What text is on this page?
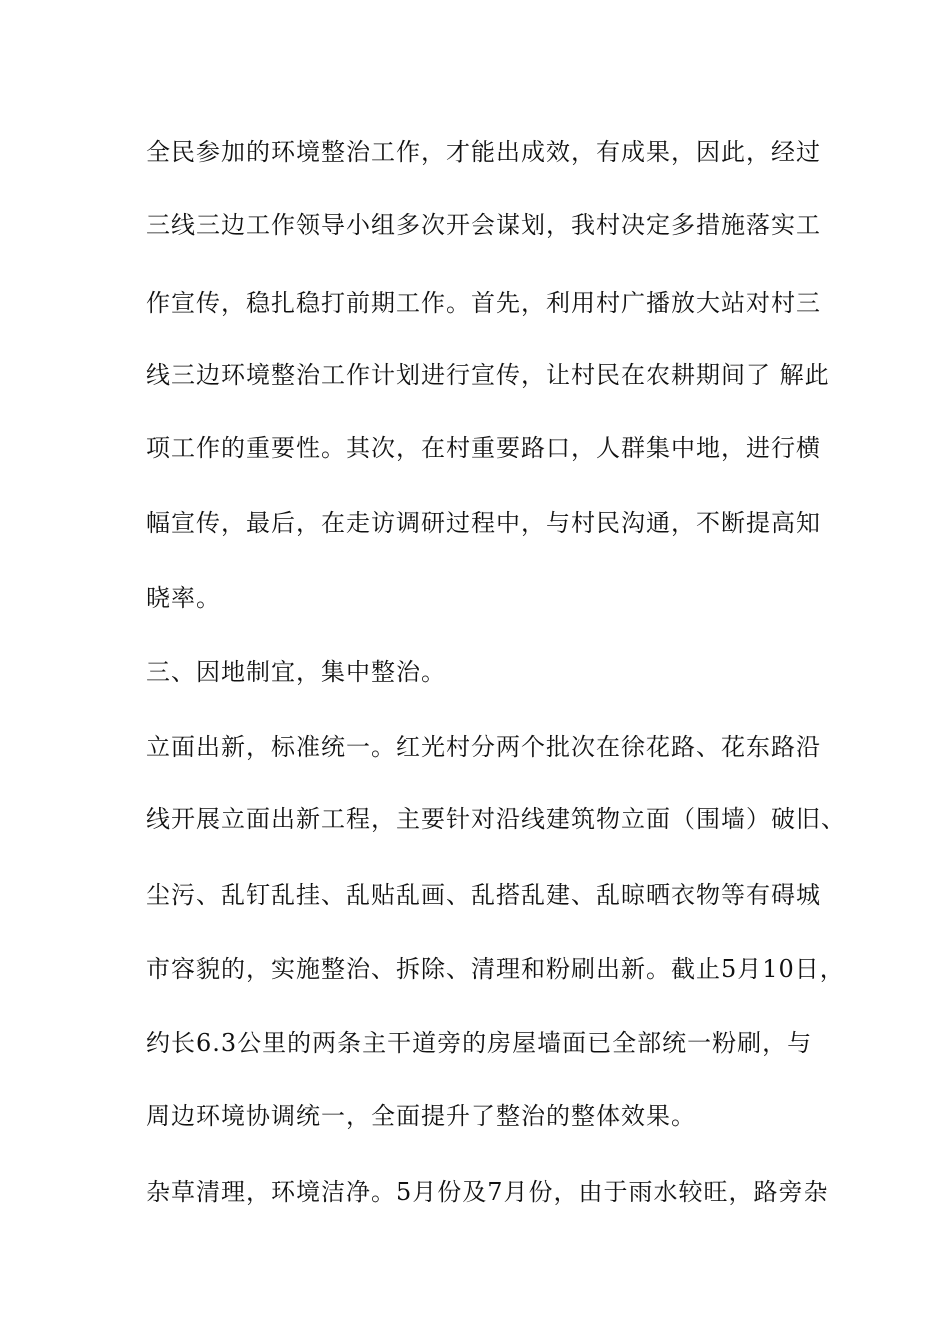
全民参加的环境整治工作，才能出成效，有成果，因此，经过
三线三边工作领导小组多次开会谋划，我村决定多措施落实工
作宣传，稳扎稳打前期工作。首先，利用村广播放大站对村三
线三边环境整治工作计划进行宣传，让村民在农耕期间了 解此
项工作的重要性。其次，在村重要路口，人群集中地，进行横
幅宣传，最后，在走访调研过程中，与村民沟通，不断提高知
晓率。
三、因地制宜，集中整治。
立面出新，标准统一。红光村分两个批次在徐花路、花东路沿
线开展立面出新工程，主要针对沿线建筑物立面（围墙）破旧、
尘污、乱钉乱挂、乱贴乱画、乱搭乱建、乱晾晒衣物等有碍城
市容貌的，实施整治、拆除、清理和粉刷出新。截止5月10日，
约长6.3公里的两条主干道旁的房屋墙面已全部统一粉刷，与
周边环境协调统一，全面提升了整治的整体效果。
杂草清理，环境洁净。5月份及7月份，由于雨水较旺，路旁杂
